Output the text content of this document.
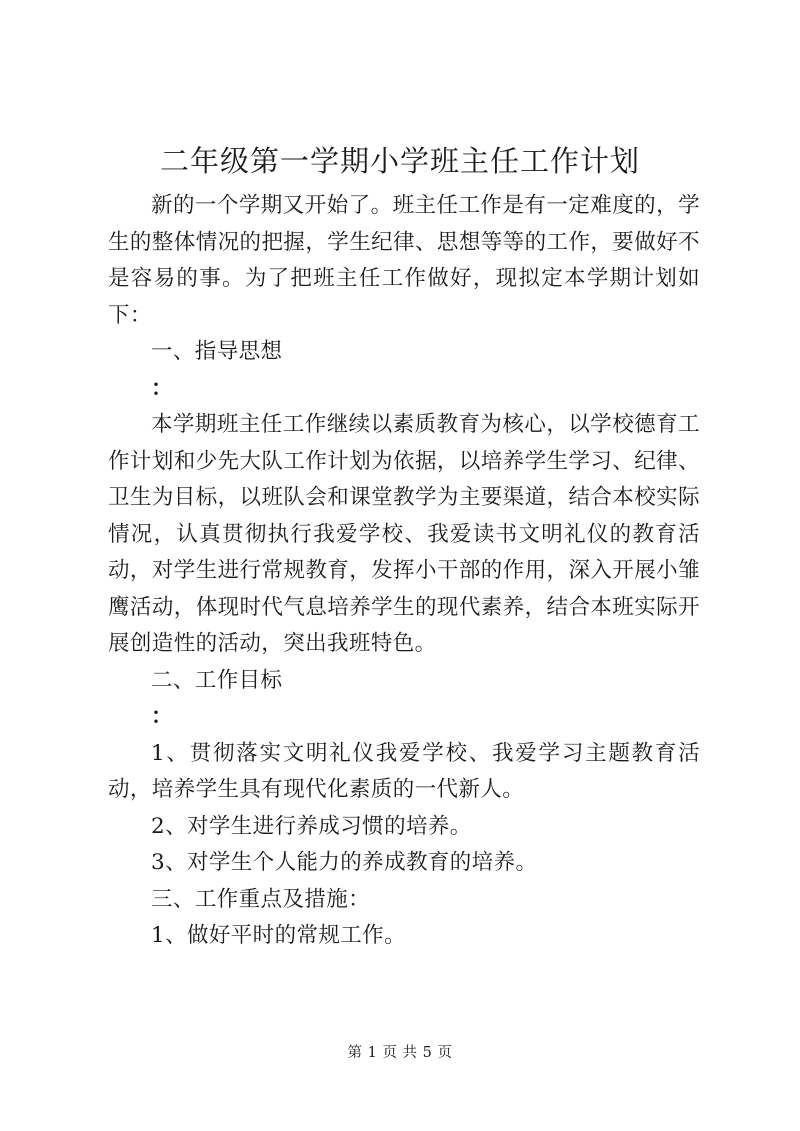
二年级第一学期小学班主任工作计划

新的一个学期又开始了。班主任工作是有一定难度的，学生的整体情况的把握，学生纪律、思想等等的工作，要做好不是容易的事。为了把班主任工作做好，现拟定本学期计划如下：

一、指导思想

：

本学期班主任工作继续以素质教育为核心，以学校德育工作计划和少先大队工作计划为依据，以培养学生学习、纪律、卫生为目标，以班队会和课堂教学为主要渠道，结合本校实际情况，认真贯彻执行我爱学校、我爱读书文明礼仪的教育活动，对学生进行常规教育，发挥小干部的作用，深入开展小雏鹰活动，体现时代气息培养学生的现代素养，结合本班实际开展创造性的活动，突出我班特色。

二、工作目标

：

1、贯彻落实文明礼仪我爱学校、我爱学习主题教育活动，培养学生具有现代化素质的一代新人。

2、对学生进行养成习惯的培养。

3、对学生个人能力的养成教育的培养。

三、工作重点及措施：

1、做好平时的常规工作。

第 1 页 共 5 页
